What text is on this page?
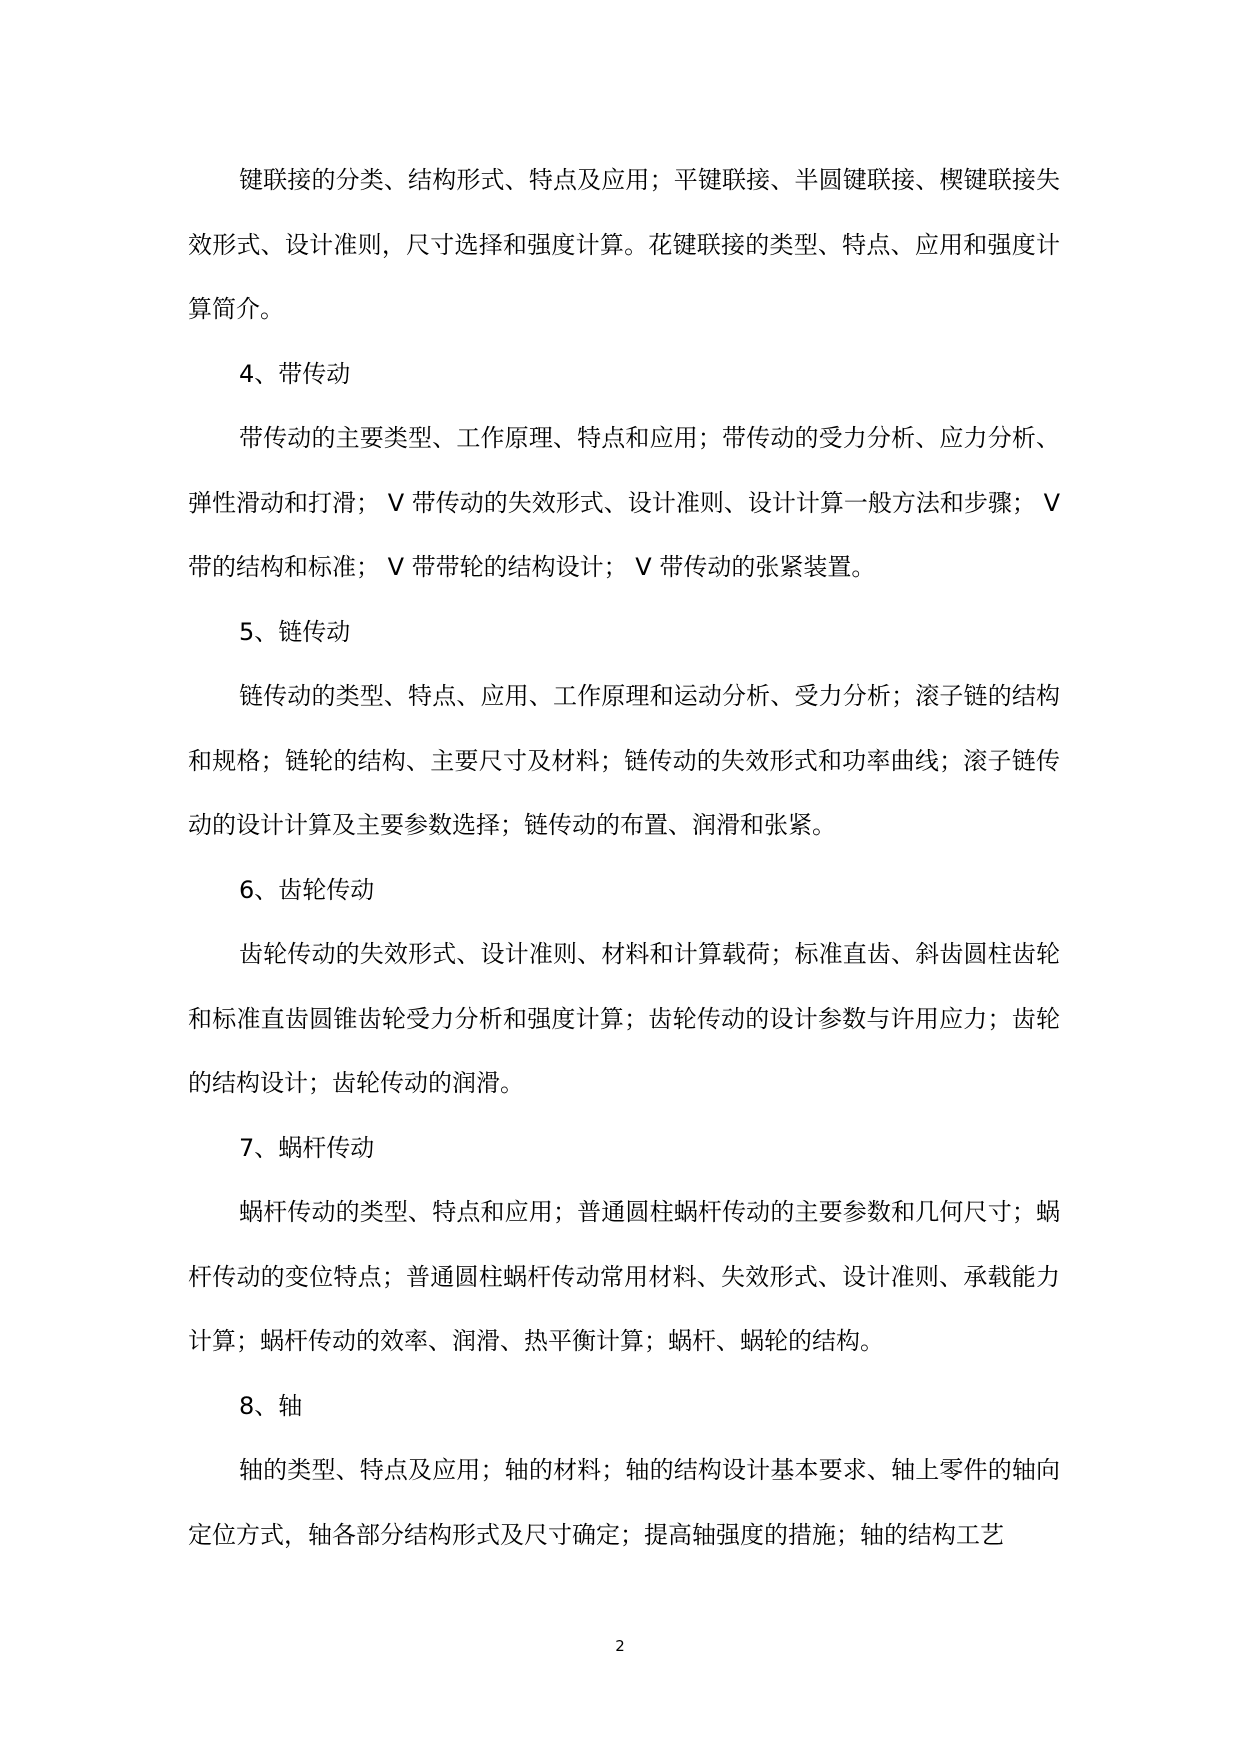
键联接的分类、结构形式、特点及应用；平键联接、半圆键联接、楔键联接失效形式、设计准则，尺寸选择和强度计算。花键联接的类型、特点、应用和强度计算简介。

4、带传动

带传动的主要类型、工作原理、特点和应用；带传动的受力分析、应力分析、弹性滑动和打滑； V 带传动的失效形式、设计准则、设计计算一般方法和步骤； V 带的结构和标准； V 带带轮的结构设计； V 带传动的张紧装置。

5、链传动

链传动的类型、特点、应用、工作原理和运动分析、受力分析；滚子链的结构和规格；链轮的结构、主要尺寸及材料；链传动的失效形式和功率曲线；滚子链传动的设计计算及主要参数选择；链传动的布置、润滑和张紧。

6、齿轮传动

齿轮传动的失效形式、设计准则、材料和计算载荷；标准直齿、斜齿圆柱齿轮和标准直齿圆锥齿轮受力分析和强度计算；齿轮传动的设计参数与许用应力；齿轮的结构设计；齿轮传动的润滑。

7、蜗杆传动

蜗杆传动的类型、特点和应用；普通圆柱蜗杆传动的主要参数和几何尺寸；蜗杆传动的变位特点；普通圆柱蜗杆传动常用材料、失效形式、设计准则、承载能力计算；蜗杆传动的效率、润滑、热平衡计算；蜗杆、蜗轮的结构。

8、轴

轴的类型、特点及应用；轴的材料；轴的结构设计基本要求、轴上零件的轴向定位方式，轴各部分结构形式及尺寸确定；提高轴强度的措施；轴的结构工艺

2
